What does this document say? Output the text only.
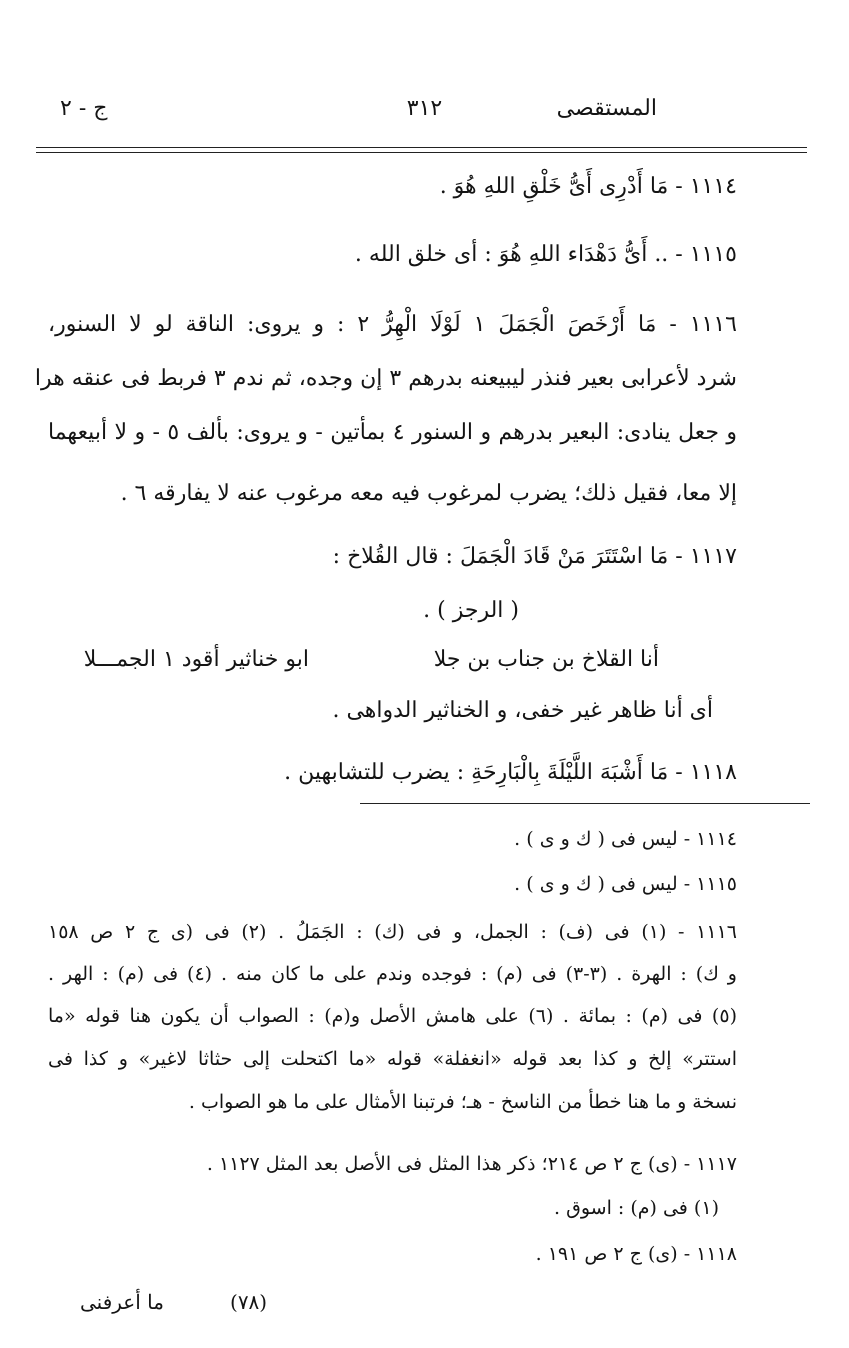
المستقصى
٣١٢
ج - ٢
١١١٤ - مَا أَدْرِى أَىُّ خَلْقِ اللهِ هُوَ .
١١١٥ - .. أَىُّ دَهْدَاء اللهِ هُوَ : أى خلق الله .
١١١٦ - مَا أَرْخَصَ الْجَمَلَ ١ لَوْلَا الْهِرُّ ٢ : و يروى: الناقة لو لا السنور،
شرد لأعرابى بعير فنذر ليبيعنه بدرهم ٣ إن وجده، ثم ندم ٣ فربط فى عنقه هرا
و جعل ينادى: البعير بدرهم و السنور ٤ بمأتين - و يروى: بألف ٥ - و لا أبيعهما
إلا معا، فقيل ذلك؛ يضرب لمرغوب فيه معه مرغوب عنه لا يفارقه ٦ .
١١١٧ - مَا اسْتَتَرَ مَنْ قَادَ الْجَمَلَ : قال القُلاخ :
( الرجز ) .
أنا القلاخ بن جناب بن جلا
ابو خناثير أقود ١ الجمـــلا
أى أنا ظاهر غير خفى، و الخناثير الدواهى .
١١١٨ - مَا أَشْبَهَ اللَّيْلَةَ بِالْبَارِحَةِ : يضرب للتشابهين .
١١١٤ - ليس فى ( ك و ى ) .
١١١٥ - ليس فى ( ك و ى ) .
١١١٦ - (١) فى (ف) : الجمل، و فى (ك) : الجَمَلُ . (٢) فى (ى ج ٢ ص ١٥٨
و ك) : الهرة . (٣-٣) فى (م) : فوجده وندم على ما كان منه . (٤) فى (م) : الهر .
(٥) فى (م) : بمائة . (٦) على هامش الأصل و(م) : الصواب أن يكون هنا قوله «ما
استتر» إلخ و كذا بعد قوله «انغفلة» قوله «ما اكتحلت إلى حثاثا لاغير» و كذا فى
نسخة و ما هنا خطأ من الناسخ - هـ؛ فرتبنا الأمثال على ما هو الصواب .
١١١٧ - (ى) ج ٢ ص ٢١٤؛ ذكر هذا المثل فى الأصل بعد المثل ١١٢٧ .
(١) فى (م) : اسوق .
١١١٨ - (ى) ج ٢ ص ١٩١ .
(٧٨)
ما أعرفنى
